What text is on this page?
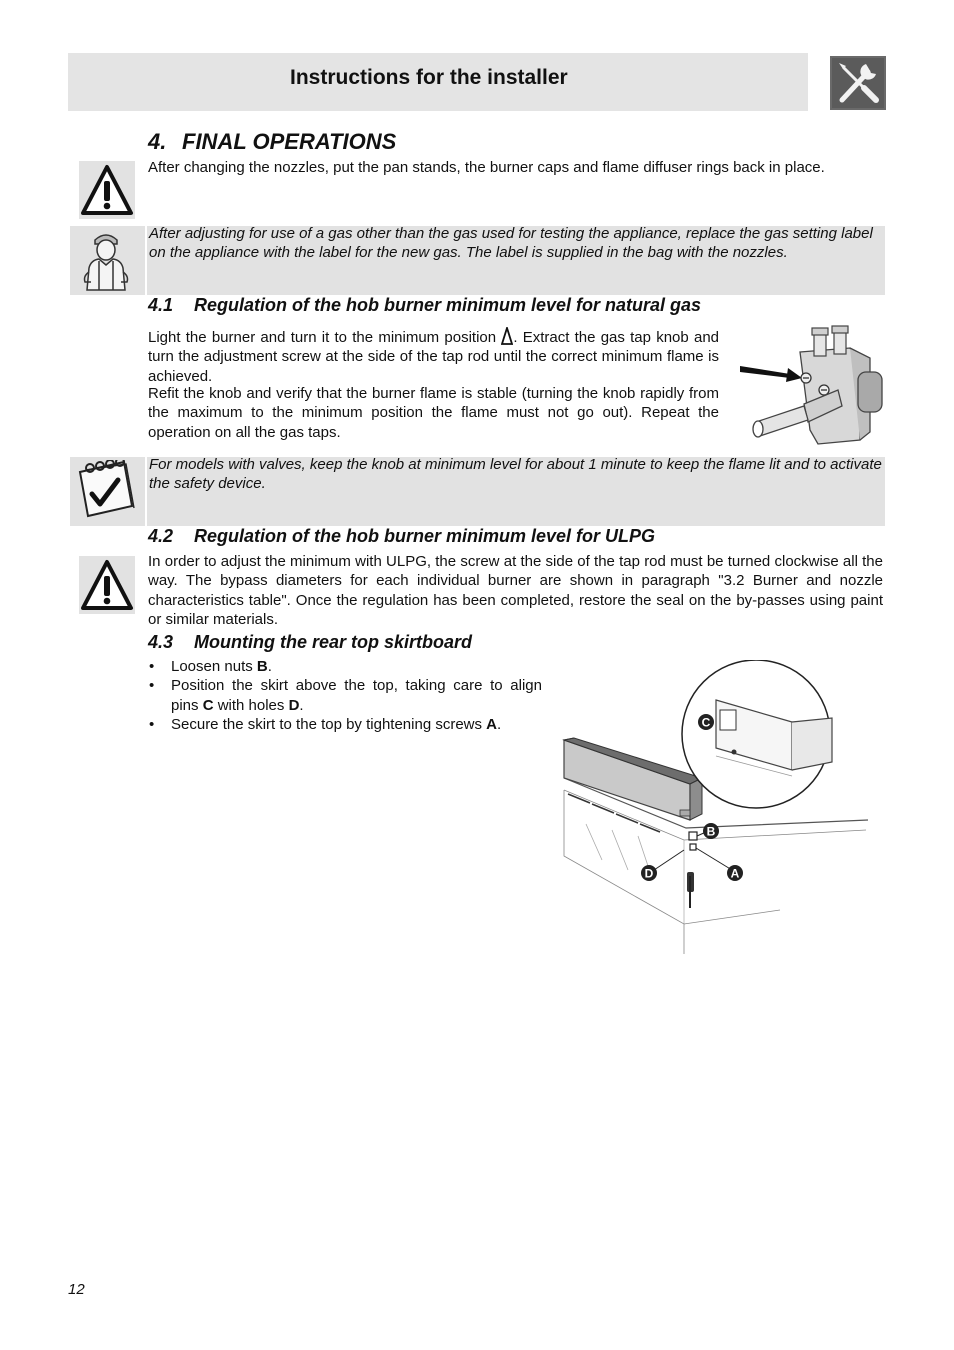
Instructions for the installer
4. FINAL OPERATIONS
After changing the nozzles, put the pan stands, the burner caps and flame diffuser rings back in place.
After adjusting for use of a gas other than the gas used for testing the appliance, replace the gas setting label on the appliance with the label for the new gas. The label is supplied in the bag with the nozzles.
4.1 Regulation of the hob burner minimum level for natural gas
Light the burner and turn it to the minimum position . Extract the gas tap knob and turn the adjustment screw at the side of the tap rod until the correct minimum flame is achieved.
Refit the knob and verify that the burner flame is stable (turning the knob rapidly from the maximum to the minimum position the flame must not go out). Repeat the operation on all the gas taps.
For models with valves, keep the knob at minimum level for about 1 minute to keep the flame lit and to activate the safety device.
4.2 Regulation of the hob burner minimum level for ULPG
In order to adjust the minimum with ULPG, the screw at the side of the tap rod must be turned clockwise all the way. The bypass diameters for each individual burner are shown in paragraph "3.2 Burner and nozzle characteristics table". Once the regulation has been completed, restore the seal on the by-passes using paint or similar materials.
4.3 Mounting the rear top skirtboard
• Loosen nuts B.
• Position the skirt above the top, taking care to align pins C with holes D.
• Secure the skirt to the top by tightening screws A.	C
B
A
D
12
